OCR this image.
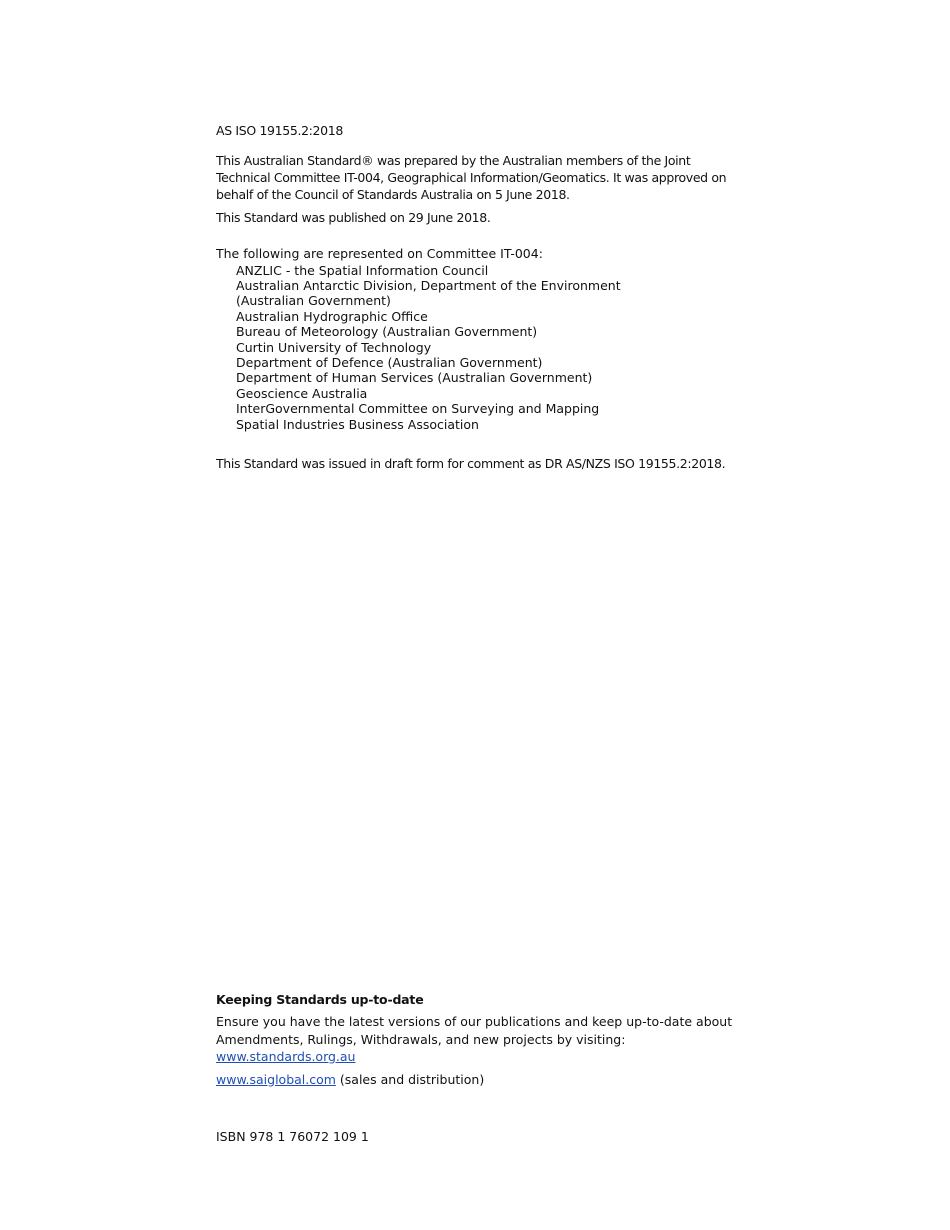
AS ISO 19155.2:2018

This Australian Standard® was prepared by the Australian members of the Joint Technical Committee IT-004, Geographical Information/Geomatics. It was approved on behalf of the Council of Standards Australia on 5 June 2018.

This Standard was published on 29 June 2018.

The following are represented on Committee IT-004:

ANZLIC - the Spatial Information Council

Australian Antarctic Division, Department of the Environment

(Australian Government)

Australian Hydrographic Office

Bureau of Meteorology (Australian Government)

Curtin University of Technology

Department of Defence (Australian Government)

Department of Human Services (Australian Government)

Geoscience Australia

InterGovernmental Committee on Surveying and Mapping

Spatial Industries Business Association

This Standard was issued in draft form for comment as DR AS/NZS ISO 19155.2:2018.

Keeping Standards up-to-date

Ensure you have the latest versions of our publications and keep up-to-date about Amendments, Rulings, Withdrawals, and new projects by visiting:

www.standards.org.au

www.saiglobal.com (sales and distribution)

ISBN 978 1 76072 109 1
